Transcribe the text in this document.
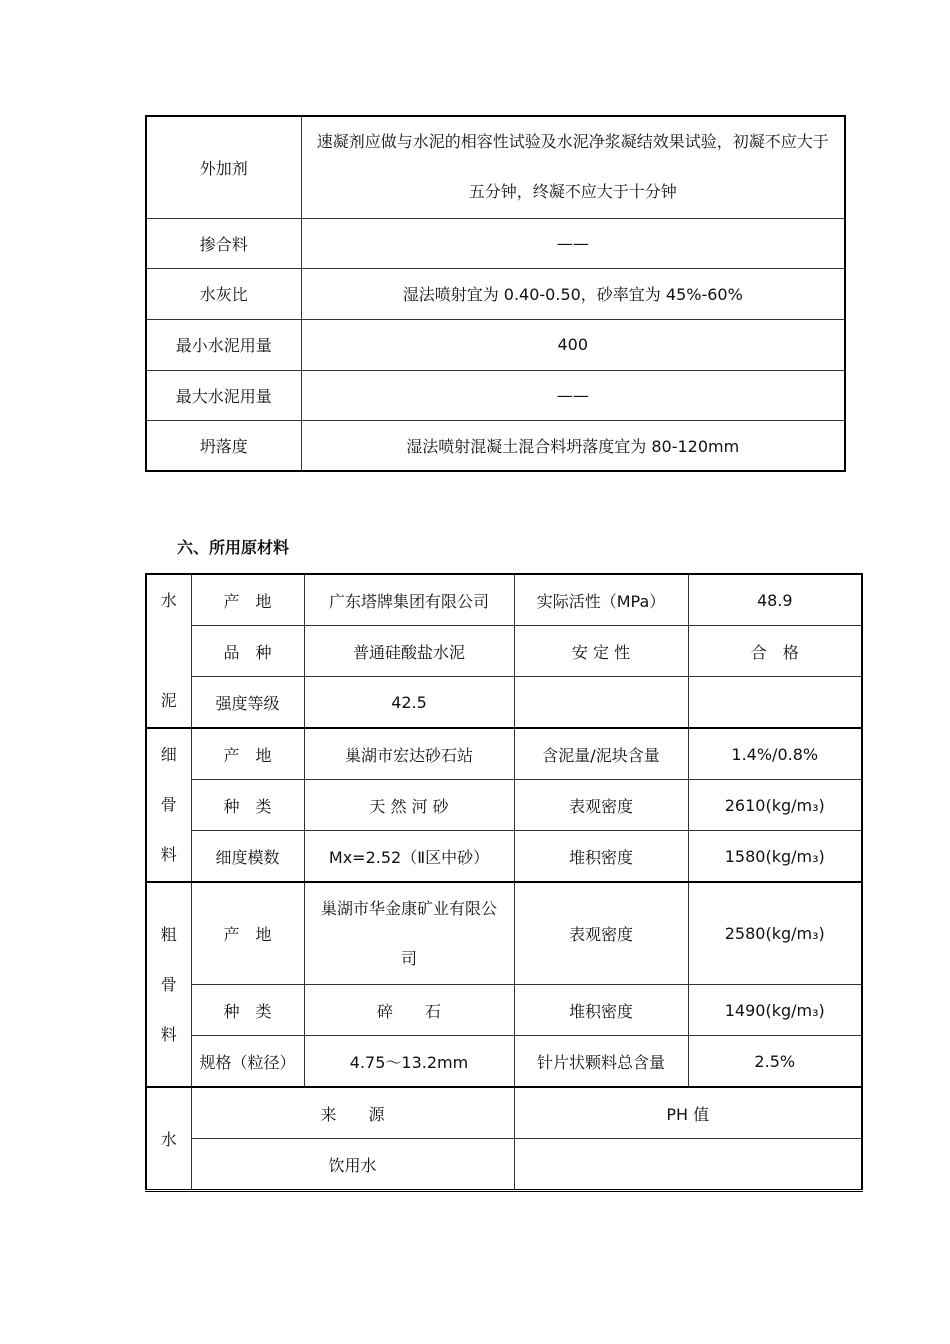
外加剂	速凝剂应做与水泥的相容性试验及水泥净浆凝结效果试验，初凝不应大于五分钟，终凝不应大于十分钟
掺合料	——
水灰比	湿法喷射宜为 0.40-0.50，砂率宜为 45%-60%
最小水泥用量	400
最大水泥用量	——
坍落度	湿法喷射混凝土混合料坍落度宜为 80-120mm
六、所用原材料
水
泥	产　地	广东塔牌集团有限公司	实际活性（MPa）	48.9
	品　种	普通硅酸盐水泥	安 定 性	合　格
	强度等级	42.5		

细
骨
料	产　地	巢湖市宏达砂石站	含泥量/泥块含量	1.4%/0.8%
	种　类	天 然 河 砂	表观密度	2610(kg/m₃)
	细度模数	Mx=2.52（Ⅱ区中砂）	堆积密度	1580(kg/m₃)

粗
骨
料	产　地	巢湖市华金康矿业有限公司	表观密度	2580(kg/m₃)
	种　类	碎　　石	堆积密度	1490(kg/m₃)
	规格（粒径）	4.75～13.2mm	针片状颗料总含量	2.5%
水	来　　源		PH 值	
	饮用水			
